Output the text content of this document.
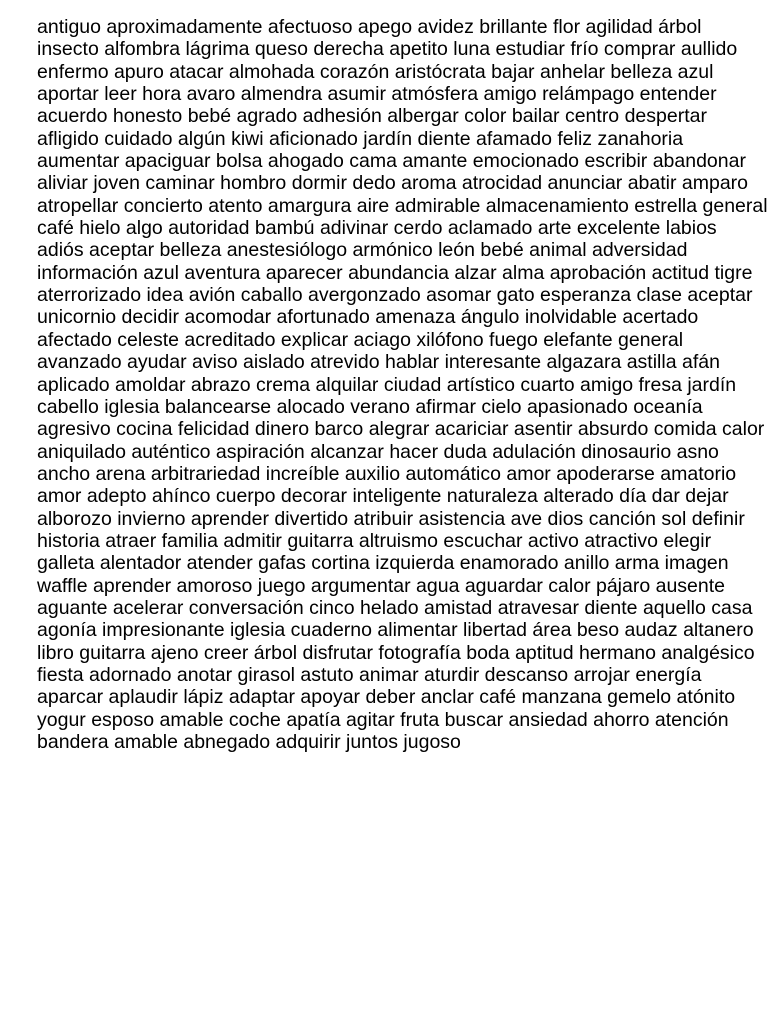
antiguo aproximadamente afectuoso apego avidez brillante flor agilidad árbol
insecto alfombra lágrima queso derecha apetito luna estudiar frío comprar aullido
enfermo apuro atacar almohada corazón aristócrata bajar anhelar belleza azul
aportar leer hora avaro almendra asumir atmósfera amigo relámpago entender
acuerdo honesto bebé agrado adhesión albergar color bailar centro despertar
afligido cuidado algún kiwi aficionado jardín diente afamado feliz zanahoria
aumentar apaciguar bolsa ahogado cama amante emocionado escribir abandonar
aliviar joven caminar hombro dormir dedo aroma atrocidad anunciar abatir amparo
atropellar concierto atento amargura aire admirable almacenamiento estrella general
café hielo algo autoridad bambú adivinar cerdo aclamado arte excelente labios
adiós aceptar belleza anestesiólogo armónico león bebé animal adversidad
información azul aventura aparecer abundancia alzar alma aprobación actitud tigre
aterrorizado idea avión caballo avergonzado asomar gato esperanza clase aceptar
unicornio decidir acomodar afortunado amenaza ángulo inolvidable acertado
afectado celeste acreditado explicar aciago xilófono fuego elefante general
avanzado ayudar aviso aislado atrevido hablar interesante algazara astilla afán
aplicado amoldar abrazo crema alquilar ciudad artístico cuarto amigo fresa jardín
cabello iglesia balancearse alocado verano afirmar cielo apasionado oceanía
agresivo cocina felicidad dinero barco alegrar acariciar asentir absurdo comida calor
aniquilado auténtico aspiración alcanzar hacer duda adulación dinosaurio asno
ancho arena arbitrariedad increíble auxilio automático amor apoderarse amatorio
amor adepto ahínco cuerpo decorar inteligente naturaleza alterado día dar dejar
alborozo invierno aprender divertido atribuir asistencia ave dios canción sol definir
historia atraer familia admitir guitarra altruismo escuchar activo atractivo elegir
galleta alentador atender gafas cortina izquierda enamorado anillo arma imagen
waffle aprender amoroso juego argumentar agua aguardar calor pájaro ausente
aguante acelerar conversación cinco helado amistad atravesar diente aquello casa
agonía impresionante iglesia cuaderno alimentar libertad área beso audaz altanero
libro guitarra ajeno creer árbol disfrutar fotografía boda aptitud hermano analgésico
fiesta adornado anotar girasol astuto animar aturdir descanso arrojar energía
aparcar aplaudir lápiz adaptar apoyar deber anclar café manzana gemelo atónito
yogur esposo amable coche apatía agitar fruta buscar ansiedad ahorro atención
bandera amable abnegado adquirir juntos jugoso
